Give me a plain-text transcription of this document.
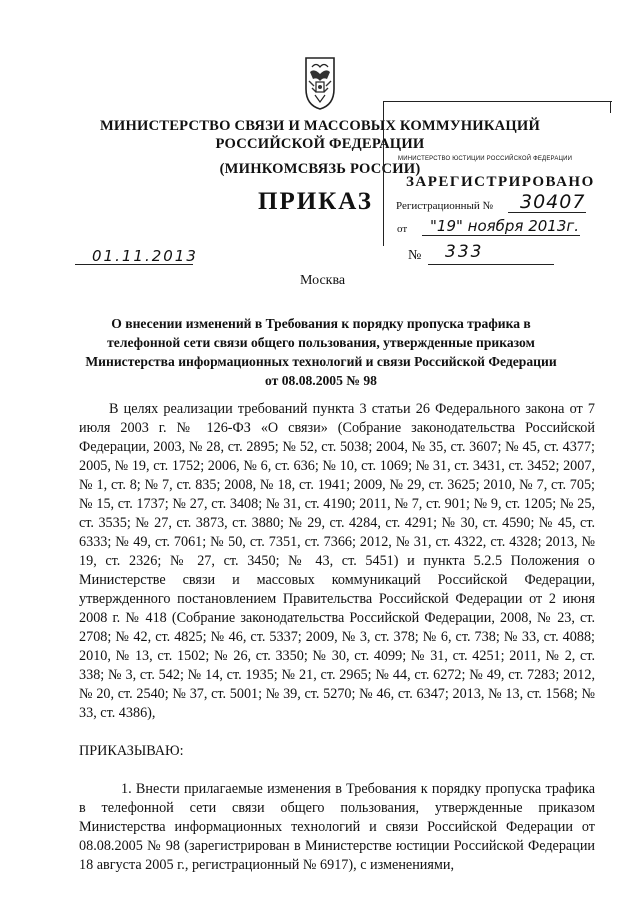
МИНИСТЕРСТВО СВЯЗИ И МАССОВЫХ КОММУНИКАЦИЙ
РОССИЙСКОЙ ФЕДЕРАЦИИ
(МИНКОМСВЯЗЬ РОССИИ)
ПРИКАЗ
МИНИСТЕРСТВО ЮСТИЦИИ РОССИЙСКОЙ ФЕДЕРАЦИИ
ЗАРЕГИСТРИРОВАНО
Регистрационный № 30407
от "19" ноября 2013г.
01.11.2013	№ 333
Москва
О внесении изменений в Требования к порядку пропуска трафика в телефонной сети связи общего пользования, утвержденные приказом Министерства информационных технологий и связи Российской Федерации от 08.08.2005 № 98

В целях реализации требований пункта 3 статьи 26 Федерального закона от 7 июля 2003 г. № 126-ФЗ «О связи» (Собрание законодательства Российской Федерации, 2003, № 28, ст. 2895; № 52, ст. 5038; 2004, № 35, ст. 3607; № 45, ст. 4377; 2005, № 19, ст. 1752; 2006, № 6, ст. 636; № 10, ст. 1069; № 31, ст. 3431, ст. 3452; 2007, № 1, ст. 8; № 7, ст. 835; 2008, № 18, ст. 1941; 2009, № 29, ст. 3625; 2010, № 7, ст. 705; № 15, ст. 1737; № 27, ст. 3408; № 31, ст. 4190; 2011, № 7, ст. 901; № 9, ст. 1205; № 25, ст. 3535; № 27, ст. 3873, ст. 3880; № 29, ст. 4284, ст. 4291; № 30, ст. 4590; № 45, ст. 6333; № 49, ст. 7061; № 50, ст. 7351, ст. 7366; 2012, № 31, ст. 4322, ст. 4328; 2013, № 19, ст. 2326; № 27, ст. 3450; № 43, ст. 5451) и пункта 5.2.5 Положения о Министерстве связи и массовых коммуникаций Российской Федерации, утвержденного постановлением Правительства Российской Федерации от 2 июня 2008 г. № 418 (Собрание законодательства Российской Федерации, 2008, № 23, ст. 2708; № 42, ст. 4825; № 46, ст. 5337; 2009, № 3, ст. 378; № 6, ст. 738; № 33, ст. 4088; 2010, № 13, ст. 1502; № 26, ст. 3350; № 30, ст. 4099; № 31, ст. 4251; 2011, № 2, ст. 338; № 3, ст. 542; № 14, ст. 1935; № 21, ст. 2965; № 44, ст. 6272; № 49, ст. 7283; 2012, № 20, ст. 2540; № 37, ст. 5001; № 39, ст. 5270; № 46, ст. 6347; 2013, № 13, ст. 1568; № 33, ст. 4386),

ПРИКАЗЫВАЮ:

1. Внести прилагаемые изменения в Требования к порядку пропуска трафика в телефонной сети связи общего пользования, утвержденные приказом Министерства информационных технологий и связи Российской Федерации от 08.08.2005 № 98 (зарегистрирован в Министерстве юстиции Российской Федерации 18 августа 2005 г., регистрационный № 6917), с изменениями,
